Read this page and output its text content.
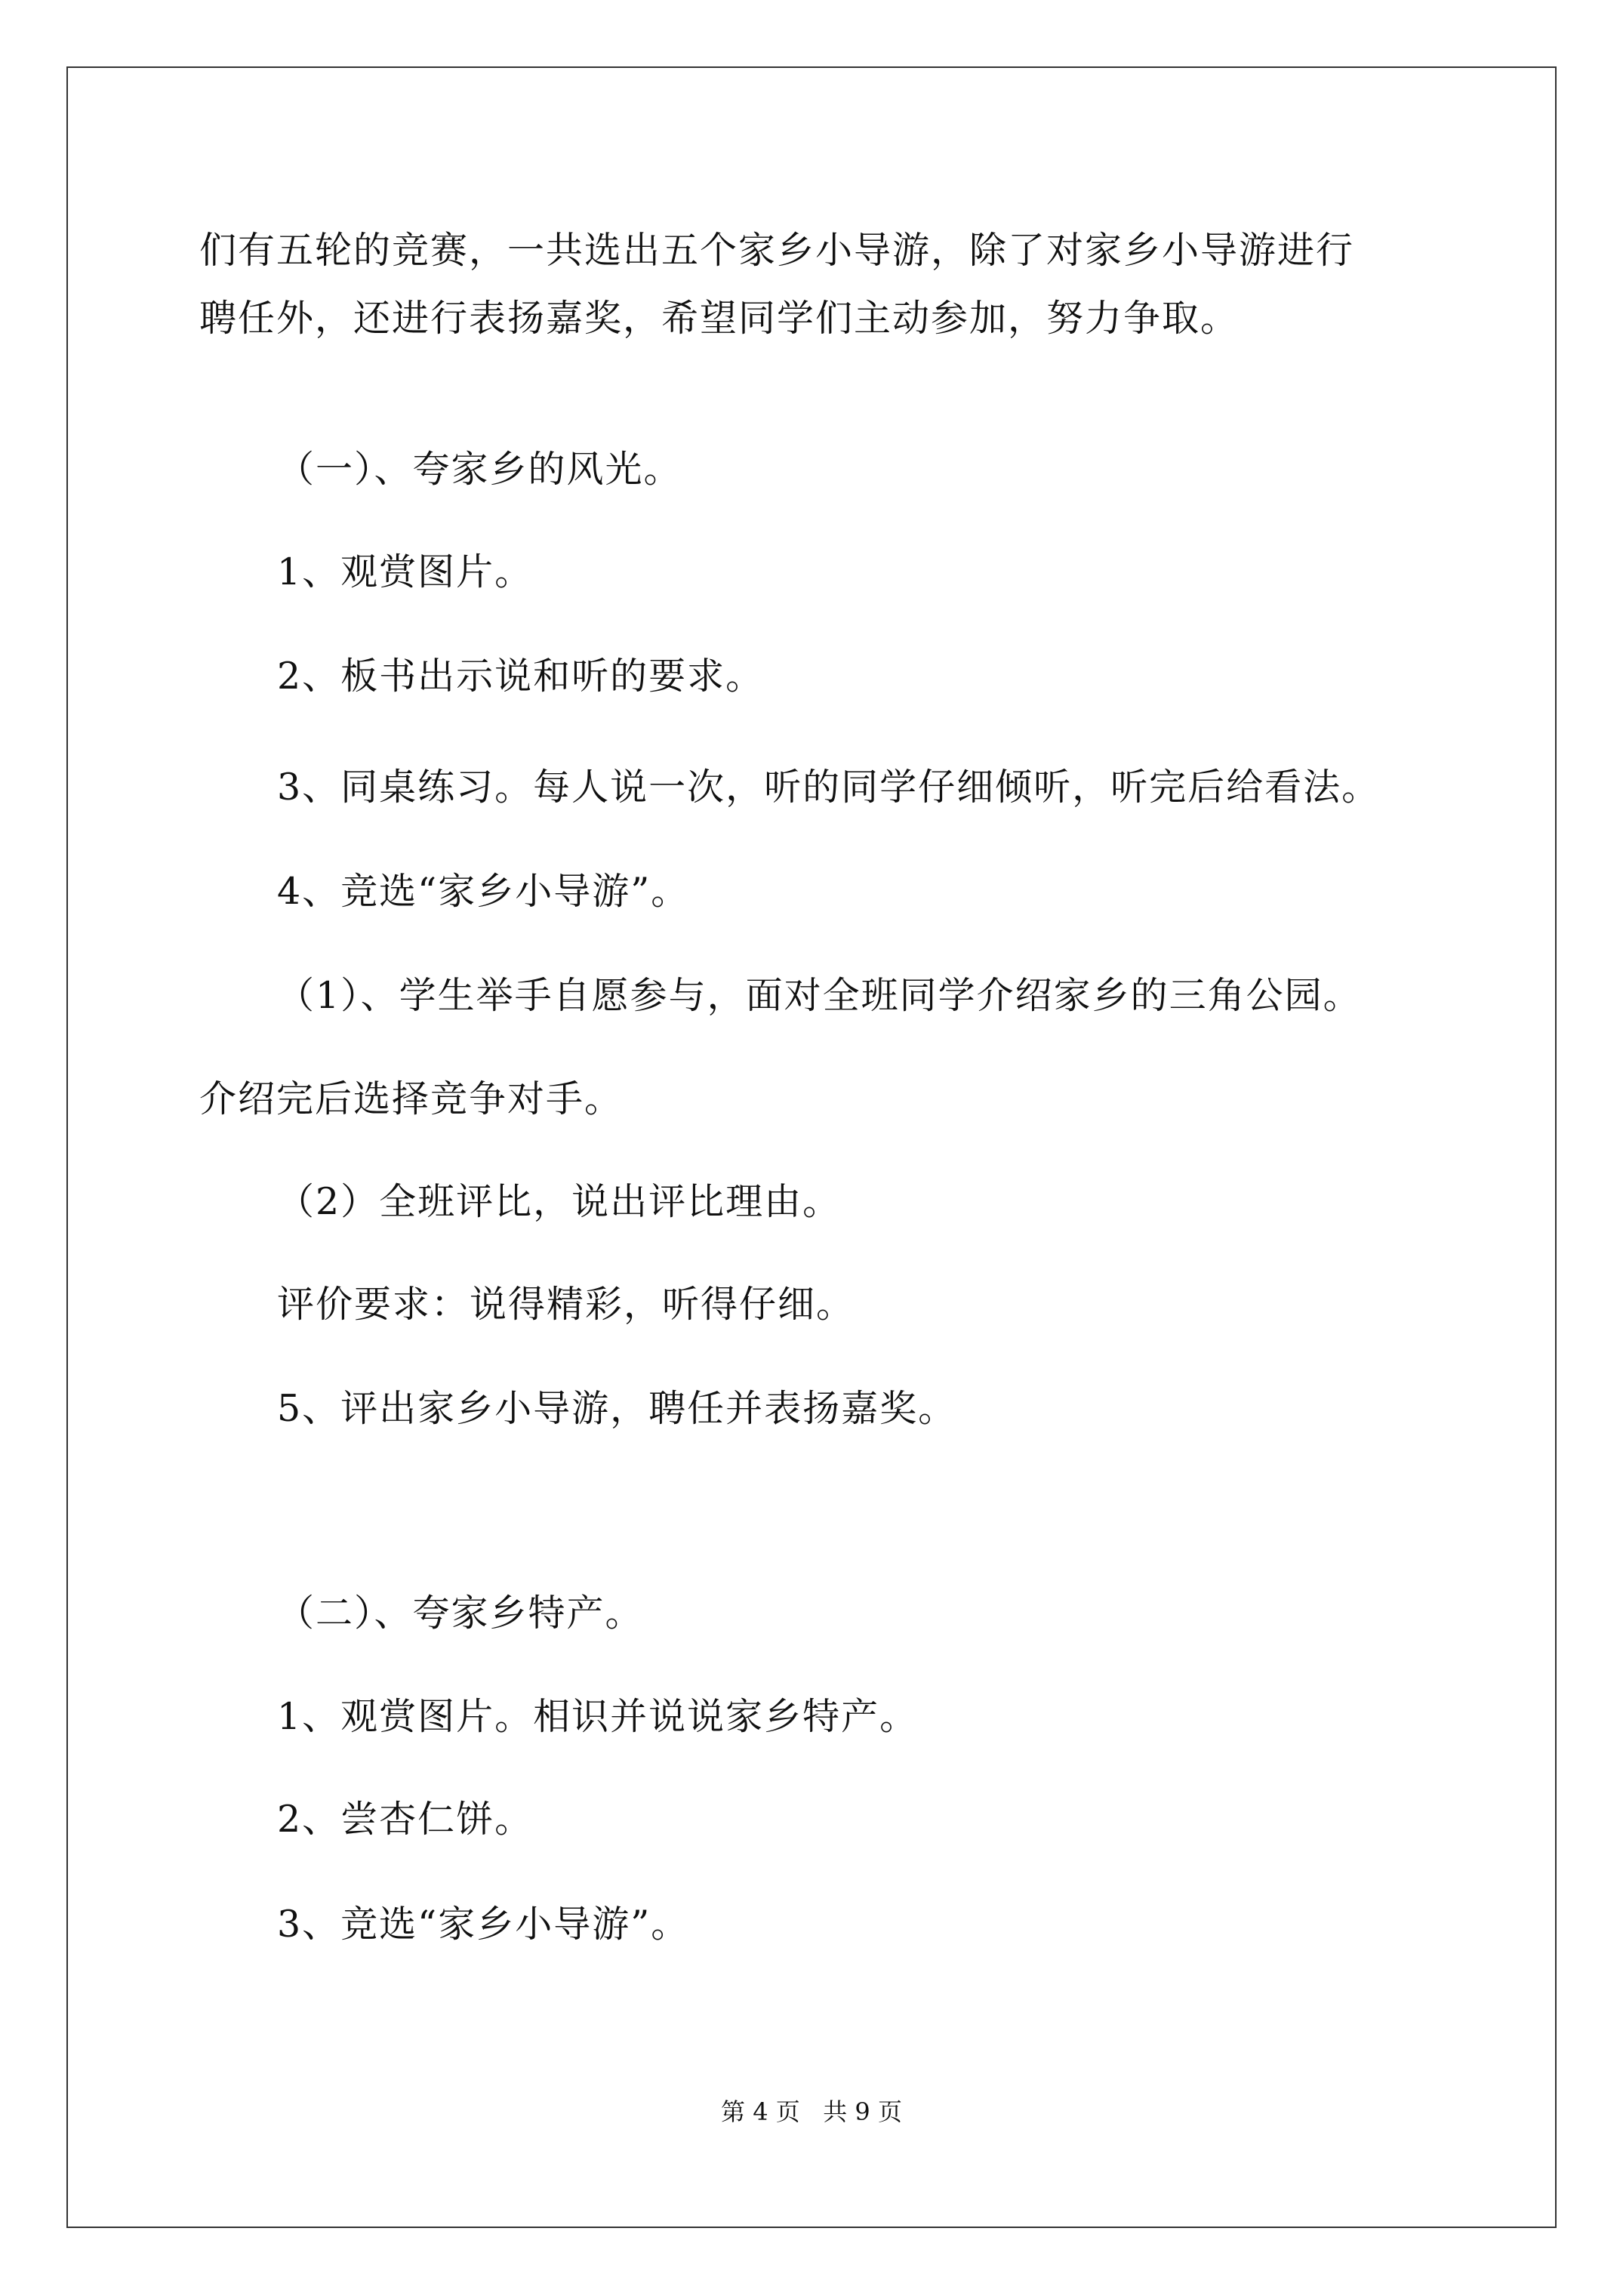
们有五轮的竞赛，一共选出五个家乡小导游，除了对家乡小导游进行
聘任外，还进行表扬嘉奖，希望同学们主动参加，努力争取。
（一）、夸家乡的风光。
1、观赏图片。
2、板书出示说和听的要求。
3、同桌练习。每人说一次，听的同学仔细倾听，听完后给看法。
4、竞选“家乡小导游”。
（1）、学生举手自愿参与，面对全班同学介绍家乡的三角公园。
介绍完后选择竞争对手。
（2）全班评比，说出评比理由。
评价要求：说得精彩，听得仔细。
5、评出家乡小导游，聘任并表扬嘉奖。
（二）、夸家乡特产。
1、观赏图片。相识并说说家乡特产。
2、尝杏仁饼。
3、竞选“家乡小导游”。
第 4 页   共 9 页
